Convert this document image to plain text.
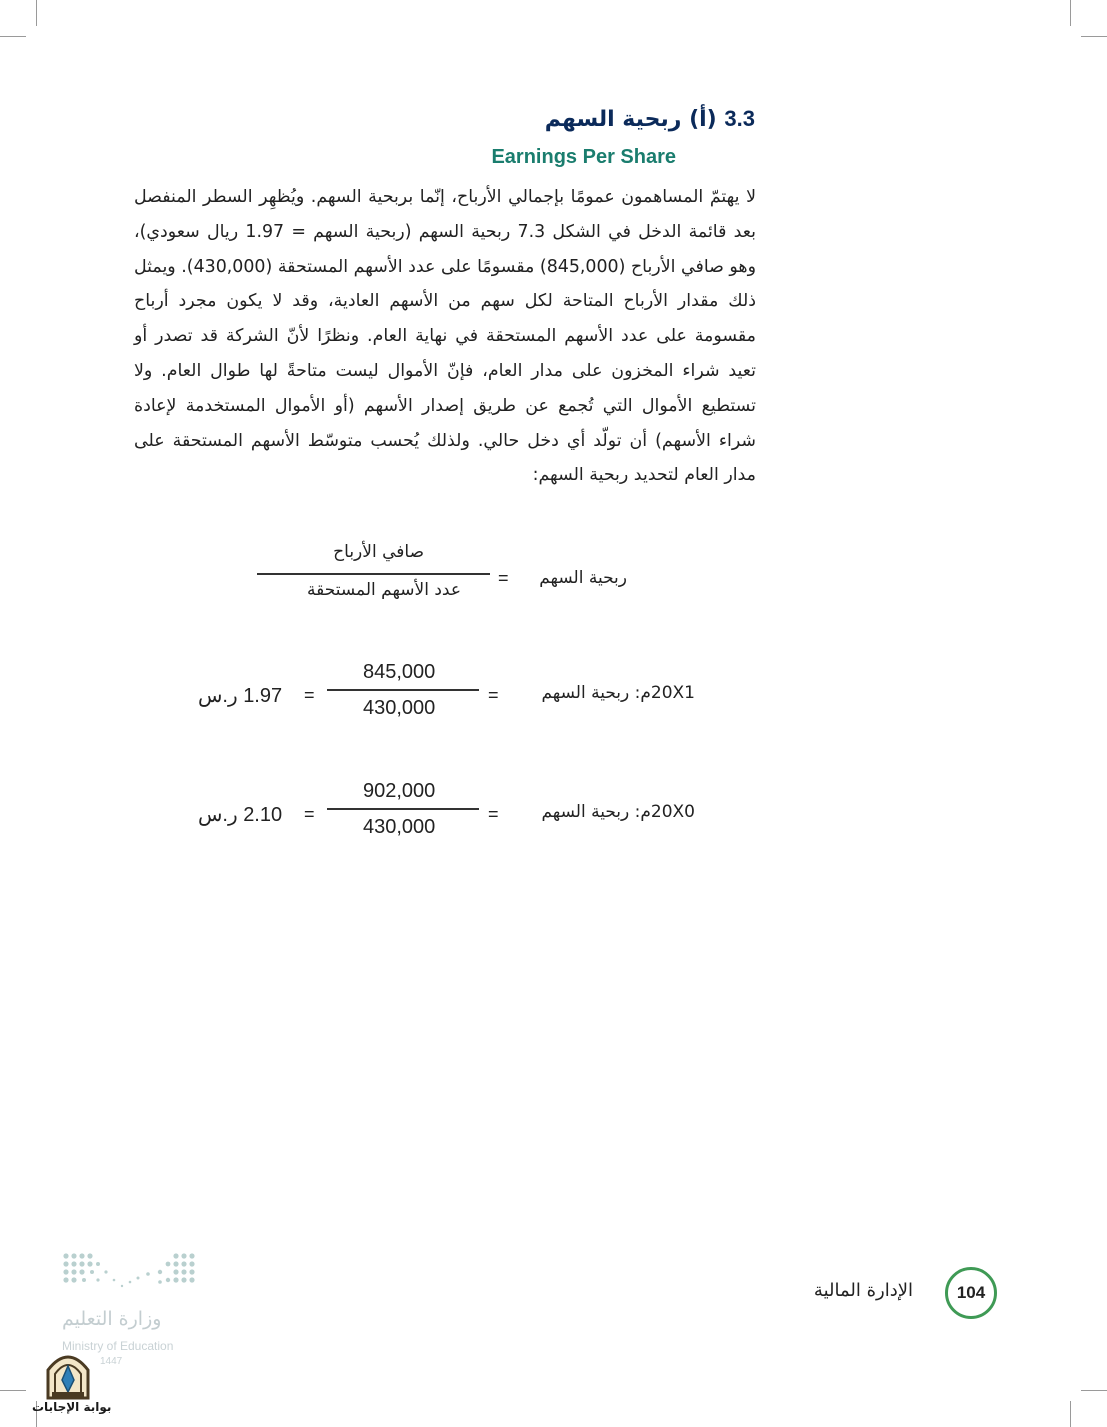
3.3 (أ) ربحية السهم
Earnings Per Share
لا يهتمّ المساهمون عمومًا بإجمالي الأرباح، إنّما بربحية السهم. ويُظهِر السطر المنفصل بعد قائمة الدخل في الشكل 7.3 ربحية السهم (ربحية السهم = 1.97 ريال سعودي)، وهو صافي الأرباح (845,000) مقسومًا على عدد الأسهم المستحقة (430,000). ويمثل ذلك مقدار الأرباح المتاحة لكل سهم من الأسهم العادية، وقد لا يكون مجرد أرباح مقسومة على عدد الأسهم المستحقة في نهاية العام. ونظرًا لأنّ الشركة قد تصدر أو تعيد شراء المخزون على مدار العام، فإنّ الأموال ليست متاحةً لها طوال العام. ولا تستطيع الأموال التي تُجمع عن طريق إصدار الأسهم (أو الأموال المستخدمة لإعادة شراء الأسهم) أن تولّد أي دخل حالي. ولذلك يُحسب متوسّط الأسهم المستحقة على مدار العام لتحديد ربحية السهم:
ربحية السهم
=
صافي الأرباح
عدد الأسهم المستحقة
20X1م: ربحية السهم
=
845,000
430,000
=
1.97 ر.س
20X0م: ربحية السهم
=
902,000
430,000
=
2.10 ر.س
104
الإدارة المالية
وزارة التعليم
Ministry of Education
1447
بوابة الإجابات
